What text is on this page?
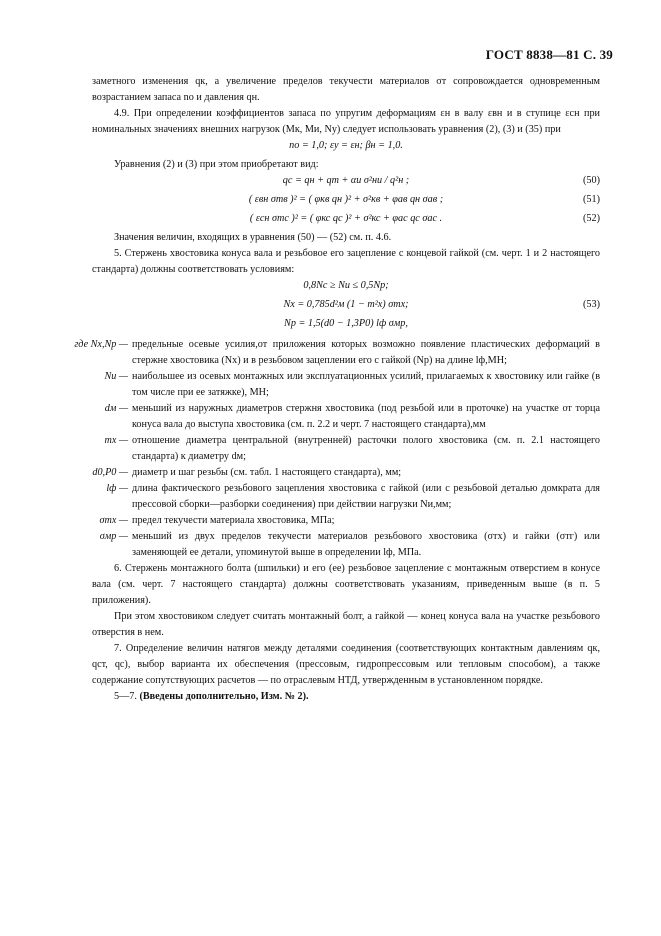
ГОСТ 8838—81 С. 39

заметного изменения qк, а увеличение пределов текучести материалов σт сопровождается одновременным возрастанием запаса nо и давления qн.

4.9. При определении коэффициентов запаса по упругим деформациям εн в валу εвн и в ступице εсн при номинальных значениях внешних нагрузок (Мк, Ми, Nу) следует использовать уравнения (2), (3) и (35) при

nо = 1,0; εу = εн; βн = 1,0.

Уравнения (2) и (3) при этом приобретают вид:

qc = qн + qт + αи σ²ни / q²н ;	(50)
( εвн σтв )² = ( φкв qн )² + σ²кв + φав qн σав ;	(51)
( εсн σтс )² = ( φкс qс )² + σ²кс + φас qс σас .	(52)

Значения величин, входящих в уравнения (50) — (52) см. п. 4.6.

5. Стержень хвостовика конуса вала и резьбовое его зацепление с концевой гайкой (см. черт. 1 и 2 настоящего стандарта) должны соответствовать условиям:

0,8Nс ≥ Nи ≤ 0,5Nр;
Nх = 0,785d²м (1 − m²х) σтх;	(53)
Nр = 1,5(d0 − 1,3P0) lф σмр,
где Nх,Nр — предельные осевые усилия,от приложения которых возможно появление пластических деформаций в стержне хвостовика (Nх) и в резьбовом зацеплении его с гайкой (Nр) на длине lф,МН;
Nи — наибольшее из осевых монтажных или эксплуатационных усилий, прилагаемых к хвостовику или гайке (в том числе при ее затяжке), МН;
dм — меньший из наружных диаметров стержня хвостовика (под резьбой или в проточке) на участке от торца конуса вала до выступа хвостовика (см. п. 2.2 и черт. 7 настоящего стандарта),мм
mх — отношение диаметра центральной (внутренней) расточки полого хвостовика (см. п. 2.1 настоящего стандарта) к диаметру dм;
d0,P0 — диаметр и шаг резьбы (см. табл. 1 настоящего стандарта), мм;
lф — длина фактического резьбового зацепления хвостовика с гайкой (или с резьбовой деталью домкрата для прессовой сборки—разборки соединения) при действии нагрузки Nи,мм;
σтх — предел текучести материала хвостовика, МПа;
σмр — меньший из двух пределов текучести материалов резьбового хвостовика (σтх) и гайки (σтг) или заменяющей ее детали, упоминутой выше в определении lф, МПа.

6. Стержень монтажного болта (шпильки) и его (ее) резьбовое зацепление с монтажным отверстием в конусе вала (см. черт. 7 настоящего стандарта) должны соответствовать указаниям, приведенным выше (в п. 5 приложения).

При этом хвостовиком следует считать монтажный болт, а гайкой — конец конуса вала на участке резьбового отверстия в нем.

7. Определение величин натягов между деталями соединения (соответствующих контактным давлениям qк, qст, qс), выбор варианта их обеспечения (прессовым, гидропрессовым или тепловым способом), а также содержание сопутствующих расчетов — по отраслевым НТД, утвержденным в установленном порядке.

5—7. (Введены дополнительно, Изм. № 2).
